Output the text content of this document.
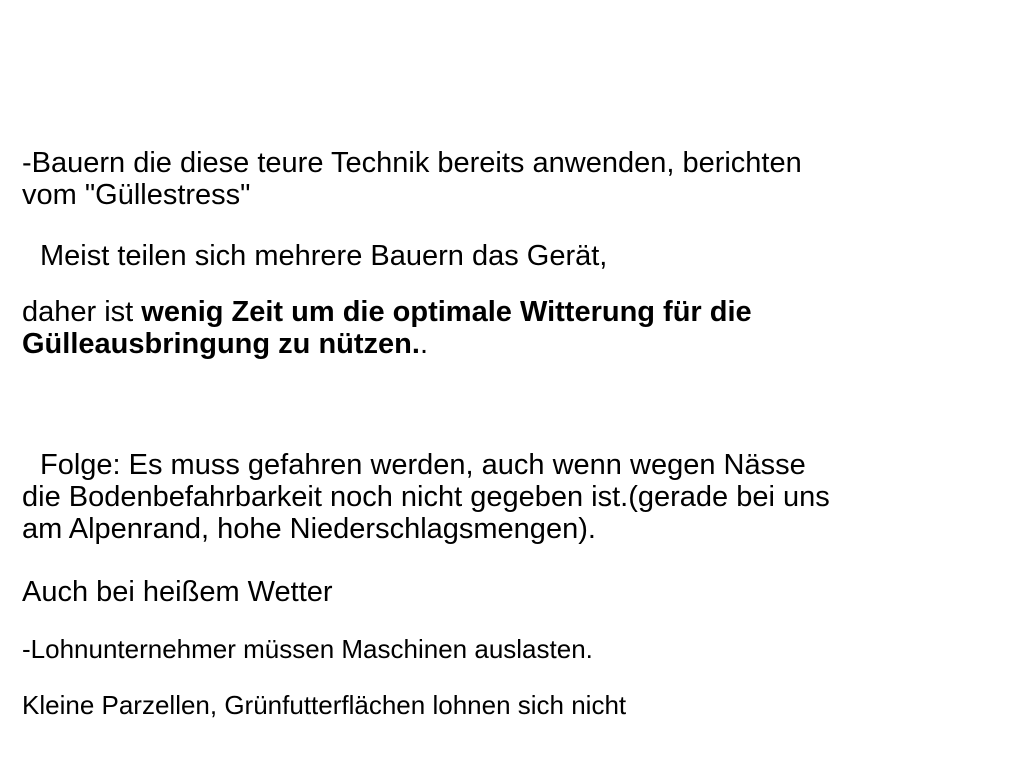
-Bauern die diese teure Technik bereits anwenden, berichten
vom "Güllestress"
Meist teilen sich mehrere Bauern das Gerät,
daher ist wenig Zeit um die optimale Witterung für die
Gülleausbringung zu nützen..
Folge: Es muss gefahren werden, auch wenn wegen Nässe
die Bodenbefahrbarkeit noch nicht gegeben ist.(gerade bei uns
am Alpenrand, hohe Niederschlagsmengen).
Auch bei heißem Wetter
-Lohnunternehmer müssen Maschinen auslasten.
Kleine Parzellen, Grünfutterflächen lohnen sich nicht
